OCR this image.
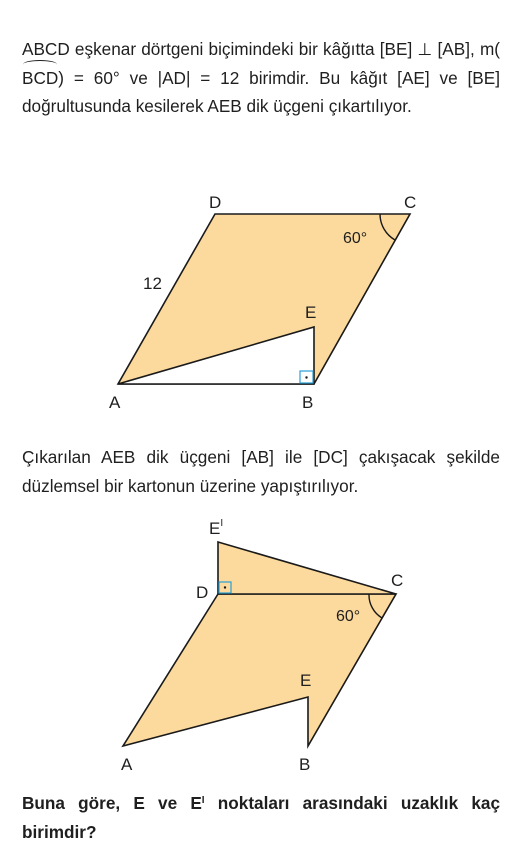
ABCD eşkenar dörtgeni biçimindeki bir kâğıtta [BE] ⊥ [AB], m(BCD) = 60° ve |AD| = 12 birimdir. Bu kâğıt [AE] ve [BE] doğrultusunda kesilerek AEB dik üçgeni çıkartılıyor.
D	C
A	B
E
12
60°
Çıkarılan AEB dik üçgeni [AB] ile [DC] çakışacak şekilde düzlemsel bir kartonun üzerine yapıştırılıyor.
$E^I$
D
C
E
A	B
60°
Buna göre, E ve $E^I$ noktaları arasındaki uzaklık kaç birimdir?
